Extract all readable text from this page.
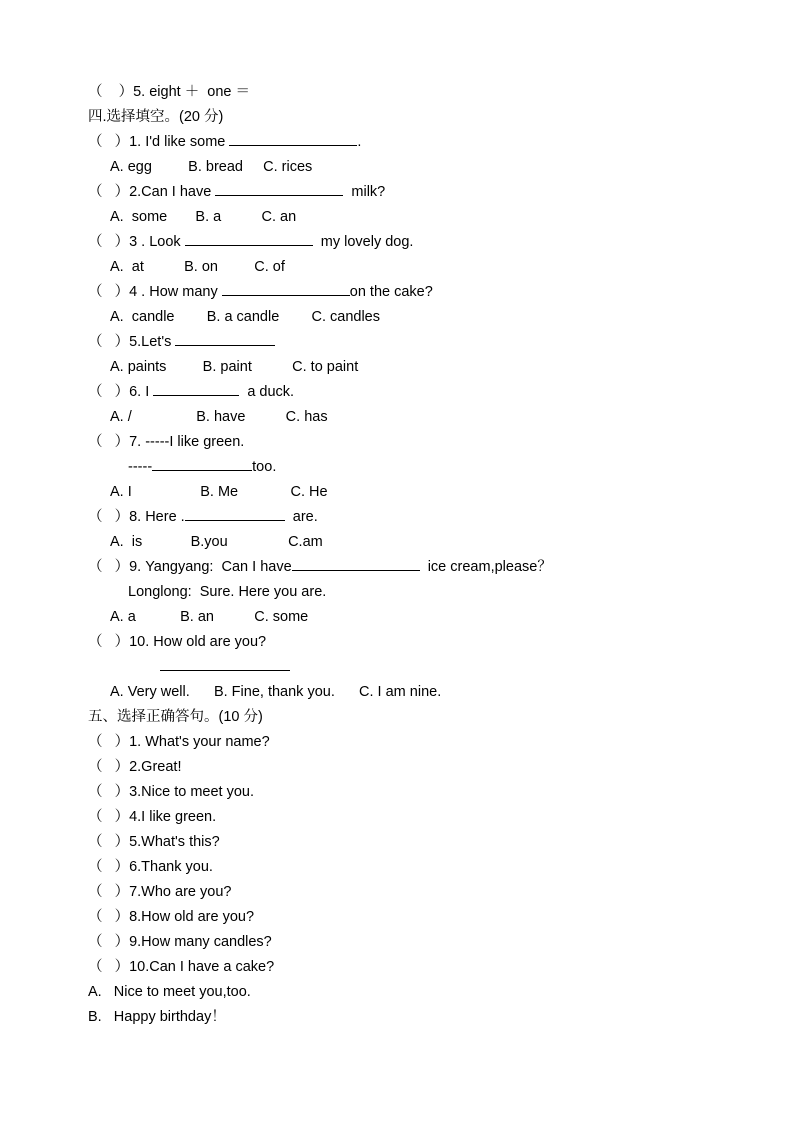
（    ）5. eight ＋  one ＝
四.选择填空。(20 分)
（   ）1. I'd like some	.
A. egg         B. bread     C. rices
（   ）2.Can I have	milk?
A.  some       B. a          C. an
（   ）3 . Look	my lovely dog.
A.  at          B. on         C. of
（   ）4 . How many	on the cake?
A.  candle        B. a candle        C. candles
（   ）5.Let's
A. paints         B. paint          C. to paint
（   ）6. I	a duck.
A. /                B. have          C. has
（   ）7. -----I like green.
-----	too.
A. I                 B. Me             C. He
（   ）8. Here .	are.
A.  is            B.you               C.am
（   ）9. Yangyang:  Can I have	ice cream,please？
Longlong:  Sure. Here you are.
A. a           B. an          C. some
（   ）10. How old are you?
A. Very well.      B. Fine, thank you.      C. I am nine.
五、选择正确答句。(10 分)
（   ）1. What's your name?
（   ）2.Great!
（   ）3.Nice to meet you.
（   ）4.I like green.
（   ）5.What's this?
（   ）6.Thank you.
（   ）7.Who are you?
（   ）8.How old are you?
（   ）9.How many candles?
（   ）10.Can I have a cake?
A.   Nice to meet you,too.
B.   Happy birthday！
